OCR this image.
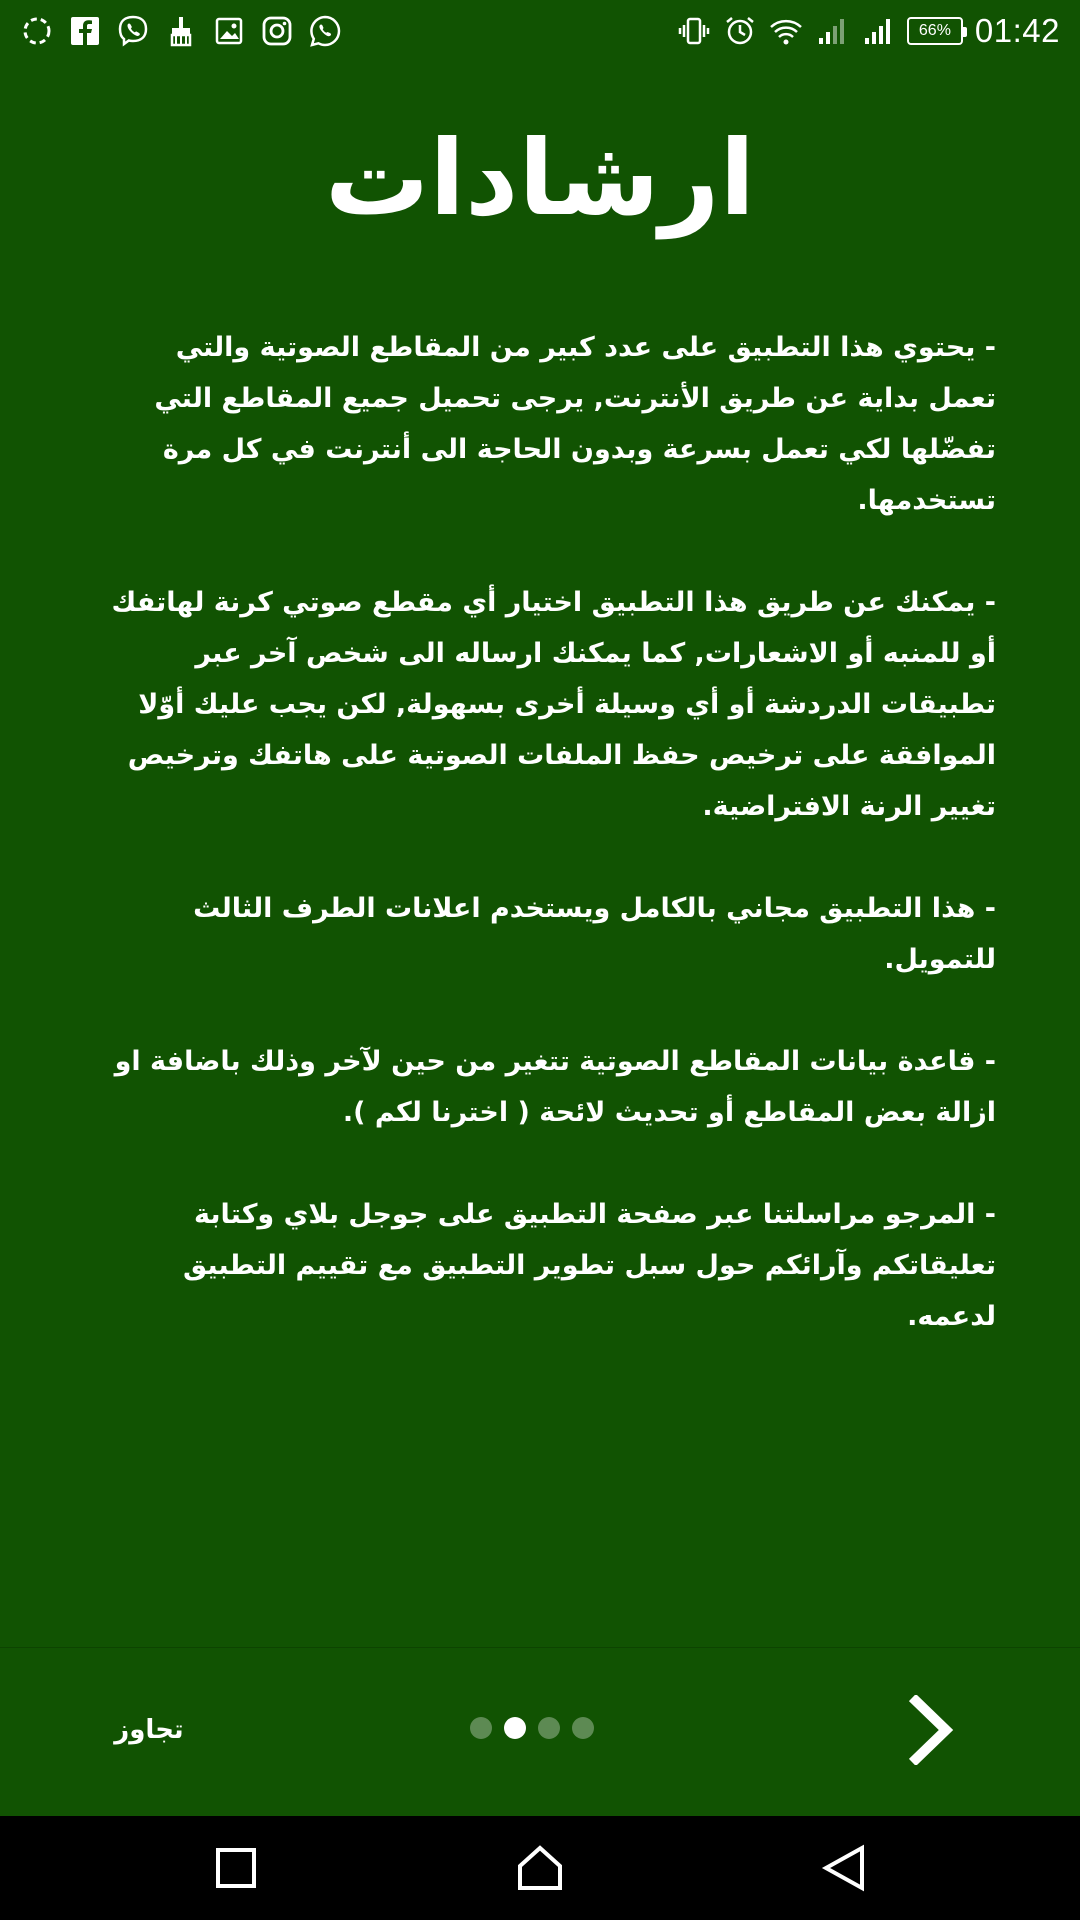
66% 01:42
ارشادات

- يحتوي هذا التطبيق على عدد كبير من المقاطع الصوتية والتي تعمل بداية عن طريق الأنترنت, يرجى تحميل جميع المقاطع التي تفضّلها لكي تعمل بسرعة وبدون الحاجة الى أنترنت في كل مرة تستخدمها.

- يمكنك عن طريق هذا التطبيق اختيار أي مقطع صوتي كرنة لهاتفك أو للمنبه أو الاشعارات, كما يمكنك ارساله الى شخص آخر عبر تطبيقات الدردشة أو أي وسيلة أخرى بسهولة, لكن يجب عليك أوّلا الموافقة على ترخيص حفظ الملفات الصوتية على هاتفك وترخيص تغيير الرنة الافتراضية.

- هذا التطبيق مجاني بالكامل ويستخدم اعلانات الطرف الثالث للتمويل.

- قاعدة بيانات المقاطع الصوتية تتغير من حين لآخر وذلك باضافة او ازالة بعض المقاطع أو تحديث لائحة ( اخترنا لكم ).

- المرجو مراسلتنا عبر صفحة التطبيق على جوجل بلاي وكتابة تعليقاتكم وآرائكم حول سبل تطوير التطبيق مع تقييم التطبيق لدعمه.

تجاوز
